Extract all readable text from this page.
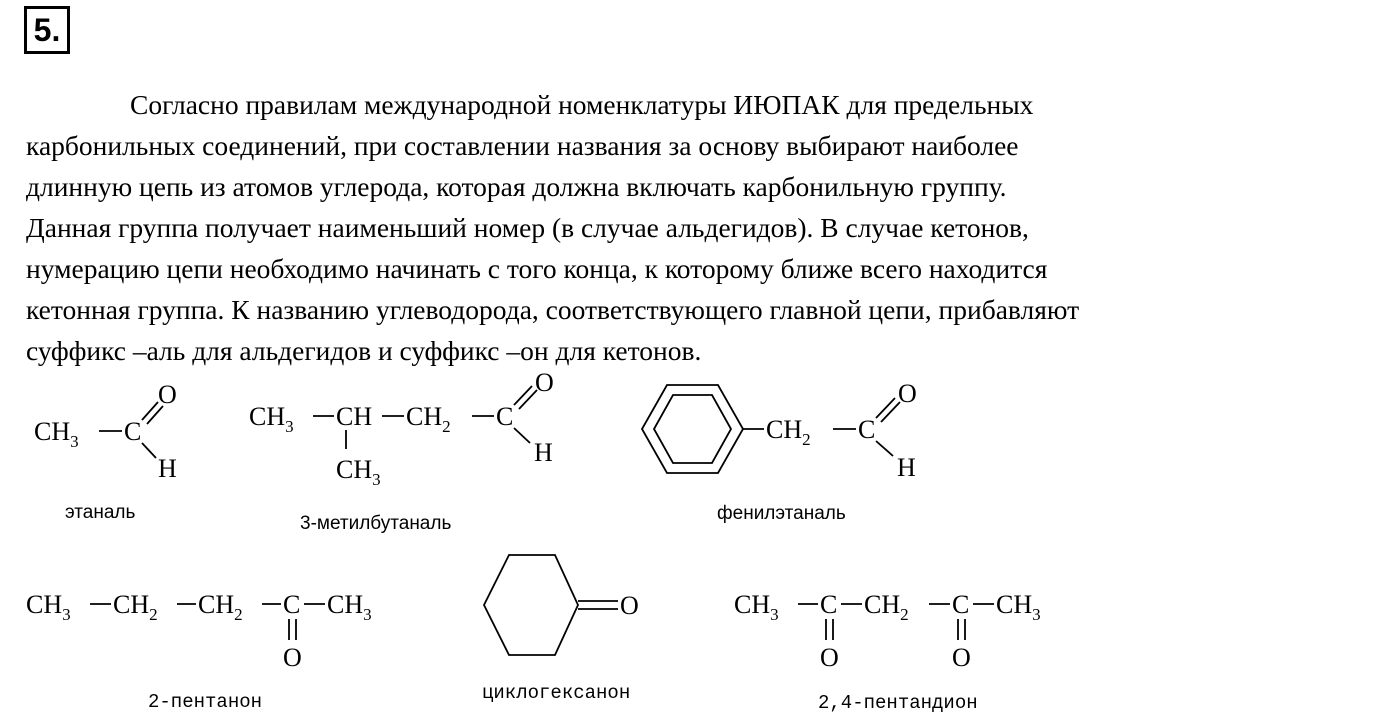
5.
Согласно правилам международной номенклатуры ИЮПАК для предельных
карбонильных соединений, при составлении названия за основу выбирают наиболее
длинную цепь из атомов углерода, которая должна включать карбонильную группу.
Данная группа получает наименьший номер (в случае альдегидов). В случае кетонов,
нумерацию цепи необходимо начинать с того конца, к которому ближе всего находится
кетонная группа. К названию углеводорода, соответствующего главной цепи, прибавляют
суффикс –аль для альдегидов и суффикс –он для кетонов.
$CH_3$ C
O
H
этаналь
$CH_3$ CH
$CH_3$
$CH_2$ C
O
H
3-метилбутаналь
$CH_2$ C
O
H
фенилэтаналь
$CH_3$ $CH_2$ $CH_2$ C
O
$CH_3$
2-пентанон
O
циклогексанон
$CH_3$ C
O
$CH_2$ C
O
$CH_3$
2,4-пентандион
